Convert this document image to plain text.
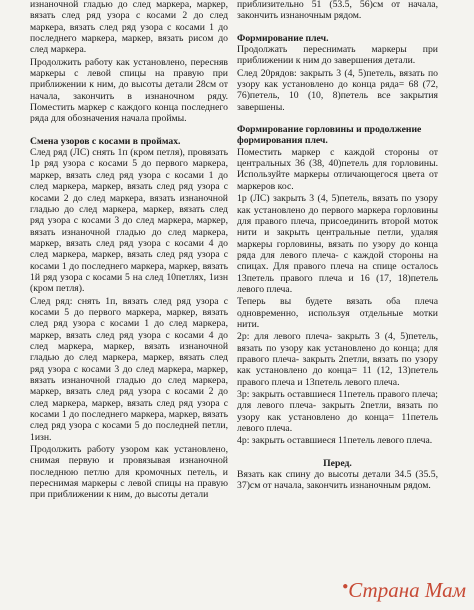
изнаночной гладью до след маркера, маркер, вязать след ряд узора с косами 2 до след маркера, вязать след ряд узора с косами 1 до последнего маркера, маркер, вязать рисом до след маркера.

Продолжить работу как установлено, пересняв маркеры с левой спицы на правую при приближении к ним, до высоты детали 28см от начала, закончить в изнаночном ряду. Поместить маркер с каждого конца последнего ряда для обозначения начала проймы.

Смена узоров с косами в проймах.

След ряд (ЛС) снять 1п (кром петля), провязать 1р ряд узора с косами 5 до первого маркера, маркер, вязать след ряд узора с косами 1 до след маркера, маркер, вязать след ряд узора с косами 2 до след маркера, вязать изнаночной гладью до след маркера, маркер, вязать след ряд узора с косами 3 до след маркера, маркер, вязать изнаночной гладью до след маркера, маркер, вязать след ряд узора с косами 4 до след маркера, маркер, вязать след ряд узора с косами 1 до последнего маркера, маркер, вязать 1й ряд узора с косами 5 на след 10петлях, 1изн (кром петля).

След ряд: снять 1п, вязать след ряд узора с косами 5 до первого маркера, маркер, вязать след ряд узора с косами 1 до след маркера, маркер, вязать след ряд узора с косами 4 до след маркера, маркер, вязать изнаночной гладью до след маркера, маркер, вязать след ряд узора с косами 3 до след маркера, маркер, вязать изнаночной гладью до след маркера, маркер, вязать след ряд узора с косами 2 до след маркера, маркер, вязать след ряд узора с косами 1 до последнего маркера, маркер, вязать след ряд узора с косами 5 до последней петли, 1изн.

Продолжить работу узором как установлено, снимая первую и провязывая изнаночной последнюю петлю для кромочных петель, и переснимая маркеры с левой спицы на правую при приближении к ним, до высоты детали

приблизительно 51 (53.5, 56)см от начала, закончить изнаночным рядом.

Формирование плеч.

Продолжать переснимать маркеры при приближении к ним до завершения детали.

След 20рядов: закрыть 3 (4, 5)петель, вязать по узору как установлено до конца ряда= 68 (72, 76)петель, 10 (10, 8)петель все закрытия завершены.

Формирование горловины и продолжение формирования плеч.

Поместить маркер с каждой стороны от центральных 36 (38, 40)петель для горловины. Используйте маркеры отличающегося цвета от маркеров кос.

1р (ЛС) закрыть 3 (4, 5)петель, вязать по узору как установлено до первого маркера горловины для правого плеча, присоединить второй моток нити и закрыть центральные петли, удаляя маркеры горловины, вязать по узору до конца ряда для левого плеча- с каждой стороны на спицах. Для правого плеча на спице осталось 13петель правого плеча и 16 (17, 18)петель левого плеча.

Теперь вы будете вязать оба плеча одновременно, используя отдельные мотки нити.

2р: для левого плеча- закрыть 3 (4, 5)петель, вязать по узору как установлено до конца; для правого плеча- закрыть 2петли, вязать по узору как установлено до конца= 11 (12, 13)петель правого плеча и 13петель левого плеча.

3р: закрыть оставшиеся 11петель правого плеча; для левого плеча- закрыть 2петли, вязать по узору как установлено до конца= 11петель левого плеча.

4р: закрыть оставшиеся 11петель левого плеча.

Перед.

Вязать как спину до высоты детали 34.5 (35.5, 37)см от начала, закончить изнаночным рядом.

●Страна Мам
